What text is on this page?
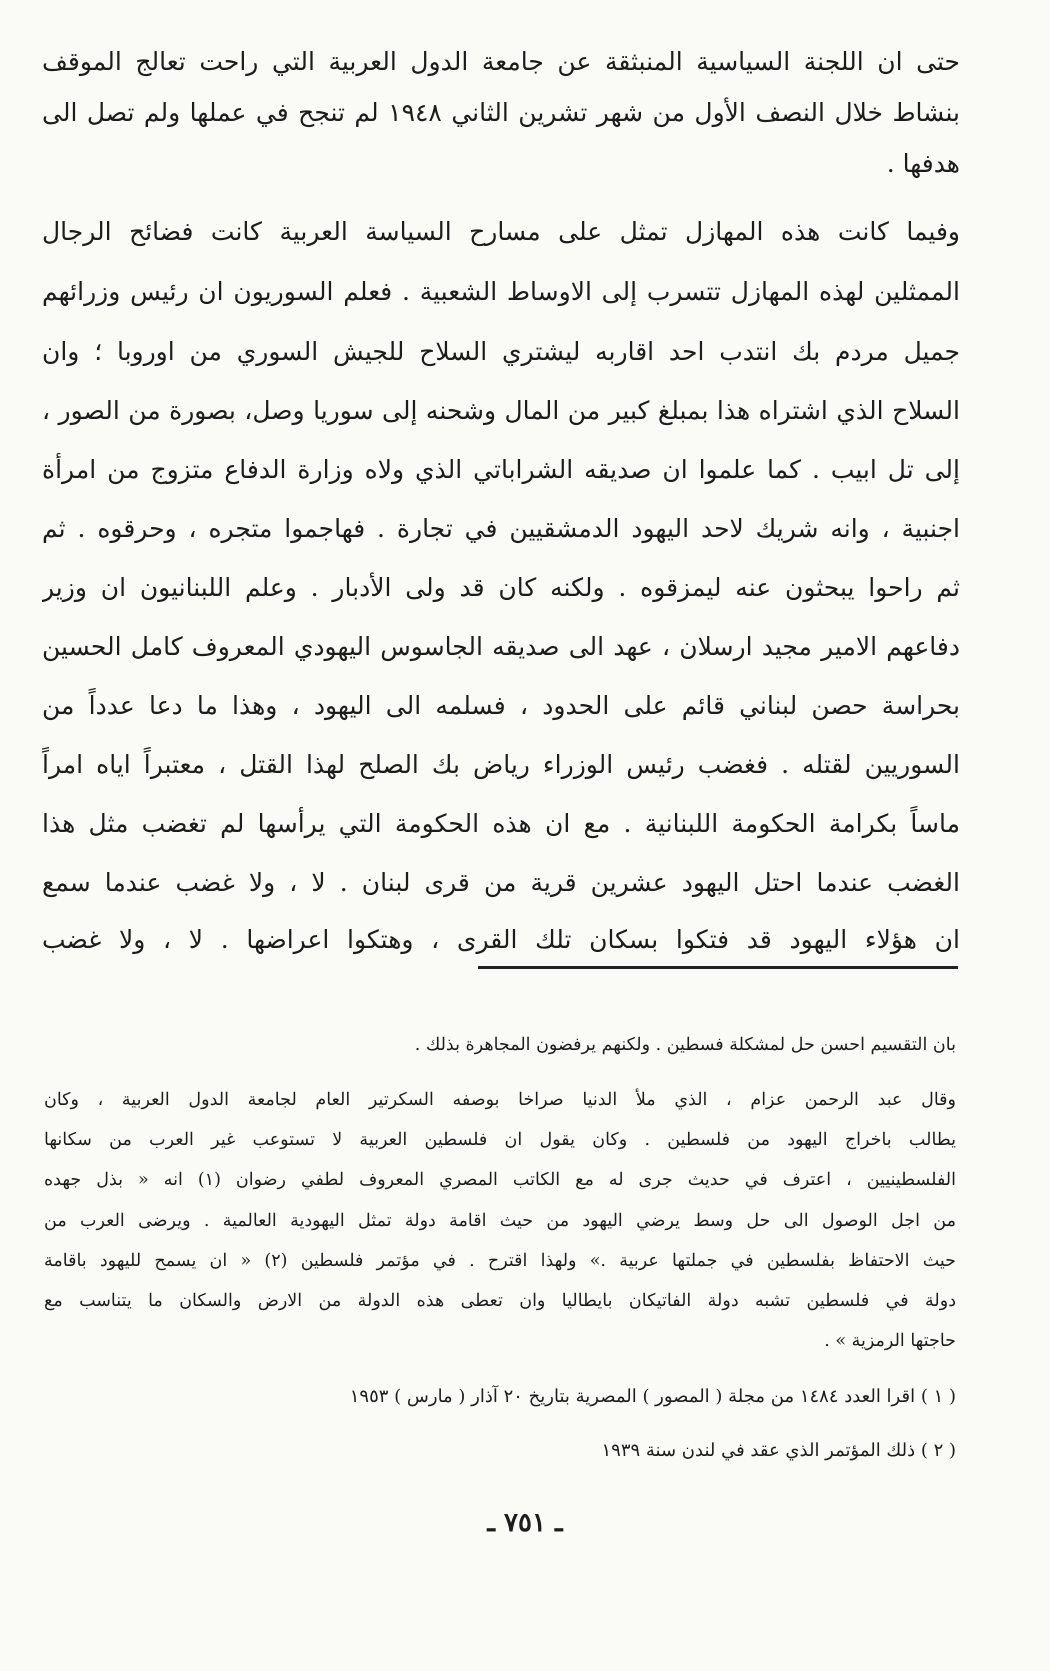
حتى ان اللجنة السياسية المنبثقة عن جامعة الدول العربية التي راحت تعالج الموقف
بنشاط خلال النصف الأول من شهر تشرين الثاني ١٩٤٨ لم تنجح في عملها ولم تصل الى
هدفها .
وفيما كانت هذه المهازل تمثل على مسارح السياسة العربية كانت فضائح الرجال
الممثلين لهذه المهازل تتسرب إلى الاوساط الشعبية . فعلم السوريون ان رئيس وزرائهم
جميل مردم بك انتدب احد اقاربه ليشتري السلاح للجيش السوري من اوروبا ؛ وان
السلاح الذي اشتراه هذا بمبلغ كبير من المال وشحنه إلى سوريا وصل، بصورة من الصور ،
إلى تل ابيب . كما علموا ان صديقه الشراباتي الذي ولاه وزارة الدفاع متزوج من امرأة
اجنبية ، وانه شريك لاحد اليهود الدمشقيين في تجارة . فهاجموا متجره ، وحرقوه . ثم
ثم راحوا يبحثون عنه ليمزقوه . ولكنه كان قد ولى الأدبار . وعلم اللبنانيون ان وزير
دفاعهم الامير مجيد ارسلان ، عهد الى صديقه الجاسوس اليهودي المعروف كامل الحسين
بحراسة حصن لبناني قائم على الحدود ، فسلمه الى اليهود ، وهذا ما دعا عدداً من
السوريين لقتله . فغضب رئيس الوزراء رياض بك الصلح لهذا القتل ، معتبراً اياه امراً
ماساً بكرامة الحكومة اللبنانية . مع ان هذه الحكومة التي يرأسها لم تغضب مثل هذا
الغضب عندما احتل اليهود عشرين قرية من قرى لبنان . لا ، ولا غضب عندما سمع
ان هؤلاء اليهود قد فتكوا بسكان تلك القرى ، وهتكوا اعراضها . لا ، ولا غضب
بان التقسيم احسن حل لمشكلة فسطين . ولكنهم يرفضون المجاهرة بذلك .
وقال عبد الرحمن عزام ، الذي ملأ الدنيا صراخا بوصفه السكرتير العام لجامعة الدول العربية ، وكان
يطالب باخراج اليهود من فلسطين . وكان يقول ان فلسطين العربية لا تستوعب غير العرب من سكانها
الفلسطينيين ، اعترف في حديث جرى له مع الكاتب المصري المعروف لطفي رضوان (١) انه « بذل جهده
من اجل الوصول الى حل وسط يرضي اليهود من حيث اقامة دولة تمثل اليهودية العالمية . ويرضى العرب من
حيث الاحتفاظ بفلسطين في جملتها عربية .» ولهذا اقترح . في مؤتمر فلسطين (٢) « ان يسمح لليهود باقامة
دولة في فلسطين تشبه دولة الفاتيكان بايطاليا وان تعطى هذه الدولة من الارض والسكان ما يتناسب مع
حاجتها الرمزية » .
( ١ ) اقرا العدد ١٤٨٤ من مجلة ( المصور ) المصرية بتاريخ ٢٠ آذار ( مارس ) ١٩٥٣
( ٢ ) ذلك المؤتمر الذي عقد في لندن سنة ١٩٣٩
ـ ٧٥١ ـ
